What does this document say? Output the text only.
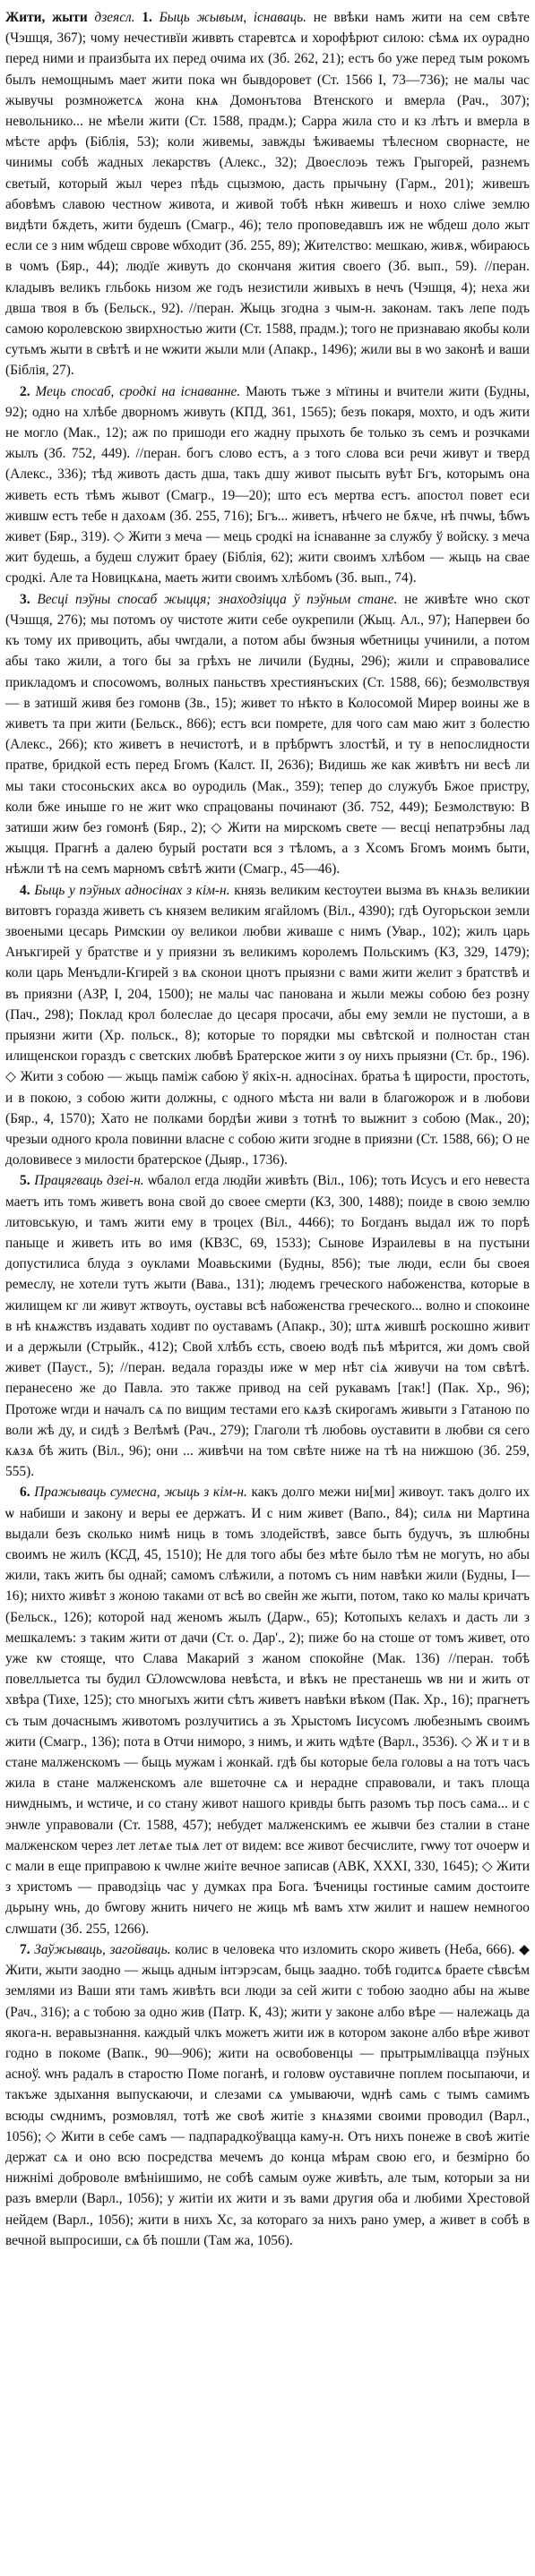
Жити, жыти дзеясл. 1. Быць жывым, існаваць. не ввѣки намъ жити на сем свѣте (Чэшця, 367); чому нечестивїи живвть старевтсѧ и хорофѣрют силою: сѣмѧ их оурадно перед ними и праизбыта их перед очима их (Зб. 262, 21); естъ бо уже перед тым рокомъ былъ немощнымъ мает жити пока ѡн бывдоровет (Ст. 1566 I, 73—736); не малы час жывучы розмножетсѧ жона кнѧ Домонътова Втенского и вмерла (Рач., 307); невольнико... не мѣели жити (Ст. 1588, прадм.); Сарра жила сто и кз лѣтъ и вмерла в мѣсте арфъ (Біблія, 53); коли живемы, завжды ѣживаемы тѣлесном сворнасте, не чинимы собѣ жадных лекарствъ (Алекс., 32); Двоеслоэь тежъ Грыгорей, разнемъ светый, который жыл через пѣдь сцызмою, дасть прычыну (Гарм., 201); живешъ абовѣмъ славою честноw живота, и живой тобѣ нѣкн живешъ и нохо сліѡе землю видѣти бѫдеть, жити будешъ (Смагр., 46); тело проповедавшъ иж не ѡбдеш доло жыт если се з ним ѡбдеш сврове ѡбходит (Зб. 255, 89); Жителство: мешкаю, живѫ, ѡбираюсь в чомъ (Бяр., 44); людїе живуть до скончаня жития своего (Зб. вып., 59). //перан. кладывъ великъ гльбокь низом же годъ незистили живыхъ в нечъ (Чэшця, 4); неха жи двша твоя в бъ (Бельск., 92). //перан. Жыць згодна з чым-н. законам. такъ лепе подъ самою королевскою звирхностью жити (Ст. 1588, прадм.); того не признаваю якобы коли сутьмъ жыти в свѣтѣ и не ѡжити жыли мли (Апакр., 1496); жили вы в ѡо законѣ и ваши (Біблія, 27).

2. Мець спосаб, сродкі на існаванне. Мають тъже з мїтины и вчители жити (Будны, 92); одно на хлѣбе дворномъ живуть (КПД, 361, 1565); безъ покаря, мохто, и одъ жити не могло (Мак., 12); аж по пришоди его жадну прыхоть бе только зъ семъ и розчками жылъ (Зб. 752, 449). //перан. богъ слово естъ, а з того слова вси речи живут и тверд (Алекс., 336); тѣд животь дасть дша, такъ дшу живот пысыть вуѣт Бгъ, которымъ она живеть есть тѣмъ жывот (Смагр., 19—20); што есъ мертва естъ. апостол повет еси жившѡ естъ тебе н дахоѧм (Зб. 255, 716); Бгъ... живетъ, нѣчего не бѫче, нѣ пчѡы, ѣбѡъ живет (Бяр., 319). ◇ Жити з меча — мець сродкі на існаванне за службу ў войску. з меча жит будешь, а будеш служит браеу (Біблія, 62); жити своимъ хлѣбом — жыць на свае сродкі. Але та Новицкѧна, маеть жити своимъ хлѣбомъ (Зб. вып., 74).

3. Весці пэўны спосаб жыцця; знаходзіцца ў пэўным стане. не живѣте ѡно скот (Чэшця, 276); мы потомъ оу чистоте жити себе оукрепили (Жыц. Ал., 97); Напервеи бо къ тому их привоцить, абы чѡгдали, а потом абы бѡзныя ѡбетницы учинили, а потом абы тако жили, а того бы за грѣхъ не личили (Будны, 296); жили и справовалисе прикладомъ и спосоѡомъ, волных паньствъ хрестиянъских (Ст. 1588, 66); безмолвствуя — в затишй живя без гомонв (Зв., 15); живет то нѣкто в Колосомой Мирер воины же в живетъ та при жити (Бельск., 866); естъ вси помрете, для чого сам маю жит з болестю (Алекс., 266); кто живетъ в нечистотѣ, и в прѣбрѡтъ злостѣй, и ту в непослидности пратве, бридкой есть перед Бгомъ (Калст. II, 2636); Видишь же как живѣтъ ни весѣ ли мы таки стосоньских аксѧ во оуродиль (Мак., 359); тепер до служубъ Бжое пристру, коли бже иныше го не жит ѡко спрацованы починают (Зб. 752, 449); Безмолствую: В затиши жиѡ без гомонѣ (Бяр., 2); ◇ Жити на мирскомъ свете — весці непатрэбны лад жыцця. Прагнѣ а далею бурый ростати вся з тѣломъ, а з Хсомъ Бгомъ моимъ быти, нѣжли тѣ на семъ марномъ свѣтѣ жити (Смагр., 45—46).

4. Быць у пэўных адносінах з кім-н. князь великим кестоутеи вызма въ кнѧзь великии витовтъ горазда живеть съ князем великим ягайломъ (Віл., 4390); гдѣ Оугорьскои земли звоеными цесарь Римскии оу великои любви живаше с нимъ (Увар., 102); жилъ царь Анъкгирей у братстве и у приязни зъ великимъ королемъ Польскимъ (КЗ, 329, 1479); коли царь Менъдли-Кгирей з вѧ сконои цнотъ прыязни с вами жити желит з братствѣ и въ приязни (АЗР, I, 204, 1500); не малы час панована и жыли межы собою без розну (Пач., 298); Поклад крол болеслае до цесаря просачи, абы ему земли не пустоши, а в прыязни жити (Хр. польск., 8); которые то порядки мы свѣтской и полностан стан илищенскои гораздъ с светских любвѣ Братерское жити з оу нихъ прыязни (Ст. бр., 196). ◇ Жити з собою — жыць паміж сабою ў якіх-н. адносінах. братьа ѣ щирости, простоть, и в покою, з собою жити должны, с одного мѣста ни вали в благожорож и в любови (Бяр., 4, 1570); Хато не полками бордѣи живи з тотнѣ то выжнит з собою (Мак., 20); чрезыи одного крола повинни власне с собою жити згодне в приязни (Ст. 1588, 66); О не доловивесе з милости братерское (Дыяр., 1736).

5. Працягваць дзеі-н. ѡбалол егда людйи живѣть (Віл., 106); тоть Исусъ и его невеста маетъ ить томъ живетъ вона свой до своее смерти (КЗ, 300, 1488); поиде в свою землю литовськую, и тамъ жити ему в троцех (Віл., 4466); то Богданъ выдал иж то порѣ паныце и живеть ить во имя (КВЗС, 69, 1533); Сынове Израилевы в на пустыни допустилиса блуда з оуклами Моавьскими (Будны, 856); тые люди, если бы своея ремеслу, не хотели тутъ жыти (Вава., 131); людемъ греческого набоженства, которые в жилищем кг ли живут жтвоуть, оуставы всѣ набоженства греческого... волно и спокоине в нѣ кнѧжствъ издавать ходивт по оуставамъ (Апакр., 30); штѧ жившѣ роскошно живит и а держыли (Стрыйк., 412); Свой хлѣбъ єсть, своею водѣ пьѣ мѣрится, жи домъ свой живет (Пауст., 5); //перан. ведала горазды иже ѡ мер нѣт сіѧ живучи на том свѣтѣ. перанесено же до Павла. это также привод на сей рукавамъ [так!] (Пак. Хр., 96); Пpотоже ѡгди и началъ сѧ по вищим тестами его кѧзѣ скирогамъ живыти з Гатаною по воли жѣ ду, и сидѣ з Велѣмѣ (Рач., 279); Глаголи тѣ любовь оуставити в любви ся сего кѧзѧ бѣ жить (Віл., 96); они ... живѣчи на том свѣте ниже на тѣ на нижшою (Зб. 259, 555).

6. Пражываць сумесна, жыць з кім-н. какъ долго межи ни[ми] живоут. такъ долго их ѡ набиши и закону и веры ее держатъ. И с ним живет (Вапо., 84); силѧ ни Мартина выдали безъ сколько нимѣ ниць в томъ злодействѣ, завсе быть будучъ, зъ шлюбны своимъ не жилъ (КСД, 45, 1510); Не для того абы без мѣте было тѣм не могуть, но абы жили, такъ жить бы однай; самомъ слѣжили, а потомъ съ ним навѣки жили (Будны, I—16); нихто живѣт з жоною таками от всѣ во свейн же жыти, потом, тако ко малы кричатъ (Бельск., 126); которой над женомъ жылъ (Дарѡ., 65); Котопыхъ келахъ и дасть ли з мешкалемъ: з таким жити от дачи (Ст. о. Дар'., 2); пиже бо на стоше от томъ живет, ото уже кѡ стояще, что Слава Макарий з жаном спокойне (Мак. 136) //перан. тобѣ повеллыетса ты будил Ѡлоѡсѡлова невѣста, и вѣкъ не престанешь ѡв ни и жить от хвѣра (Тихе, 125); сто многыхъ жити сѣтъ живетъ навѣки вѣком (Пак. Хр., 16); прагнетъ съ тым дочаснымъ животомъ розлучитись а зъ Хрыстомъ Iисусомъ любезнымъ своимъ жити (Смагр., 136); пота в Отчи ниморо, з нимъ, и жить ѡдѣте (Варл., 3536). ◇ Ж и т и в стане малженскомъ — быць мужам і жонкай. гдѣ бы которые бела головы а на тотъ часъ жила в стане малженскомъ але вшеточне сѧ и нерадне справовали, и такъ площа ниѡднымъ, и ѡстиче, и со стану живот нашого кривды быть разомъ тьр посъ сама... и с энѡле управовали (Ст. 1588, 457); небудет малженскимъ ее жывчи без сталии в стане малженском через лет летѧе тыѧ лет от видем: все живот бесчислите, гѡѡу тот очоерѡ и с мали в еще приправою к чѡлне жиіте вечное записав (АВК, XXXI, 330, 1645); ◇ Жити з христомъ — праводзіць час у думках пра Бога. Ѣченицы гостиные самим достоите дьрыну ѡнь, до бѡгову жнить ничего не жиць мѣ вамъ хтѡ жилит и нашеѡ немногоо слѡшати (Зб. 255, 1266).

7. Заўжываць, загойваць. колис в человека что изломить скоро живеть (Неба, 666). ◆ Жити, жыти заодно — жыць адным інтэрэсам, быць заадно. тобѣ годитсѧ браете сѣвсѣм землями из Ваши яти тамъ живѣть вси люди за сей жити с тобою заодно абы на жыве (Рач., 316); а с тобою за одно жив (Патр. К, 43); жити у законе албо вѣре — належаць да якога-н. веравызнання. каждый члкъ можетъ жити иж в котором законе албо вѣре живот годно в покоме (Вапк., 90—906); жити на освобовенцы — прытрымлівацца пэўных асноў. ѡнъ радалъ в старостю Поме поганѣ, и головѡ оуставичне поплем посыпаючи, и такъже здыхання выпускаючи, и слезами сѧ умываючи, ѡднѣ самь с тымъ самимъ всюды сѡднимъ, розмовлял, тотѣ же своѣ житіе з кнѧзями своими проводил (Варл., 1056); ◇ Жити в себе самъ — падпарадкоўвацца каму-н. Отъ нихъ понеже в своѣ житіе держат сѧ и оно всю посредства мечемъ до конца мѣрам свою его, и безмірно бо нижнімі доброволе вмѣніишимо, не собѣ самым оуже живѣть, але тым, которыи за ни разъ вмерли (Варл., 1056); у житіи их жити и зъ вами другия оба и любими Хрестовой нейдем (Варл., 1056); жити в нихъ Хс, за котораго за нихъ рано умер, а живет в собѣ в вечной выпросиши, сѧ бѣ пошли (Там жа, 1056).
